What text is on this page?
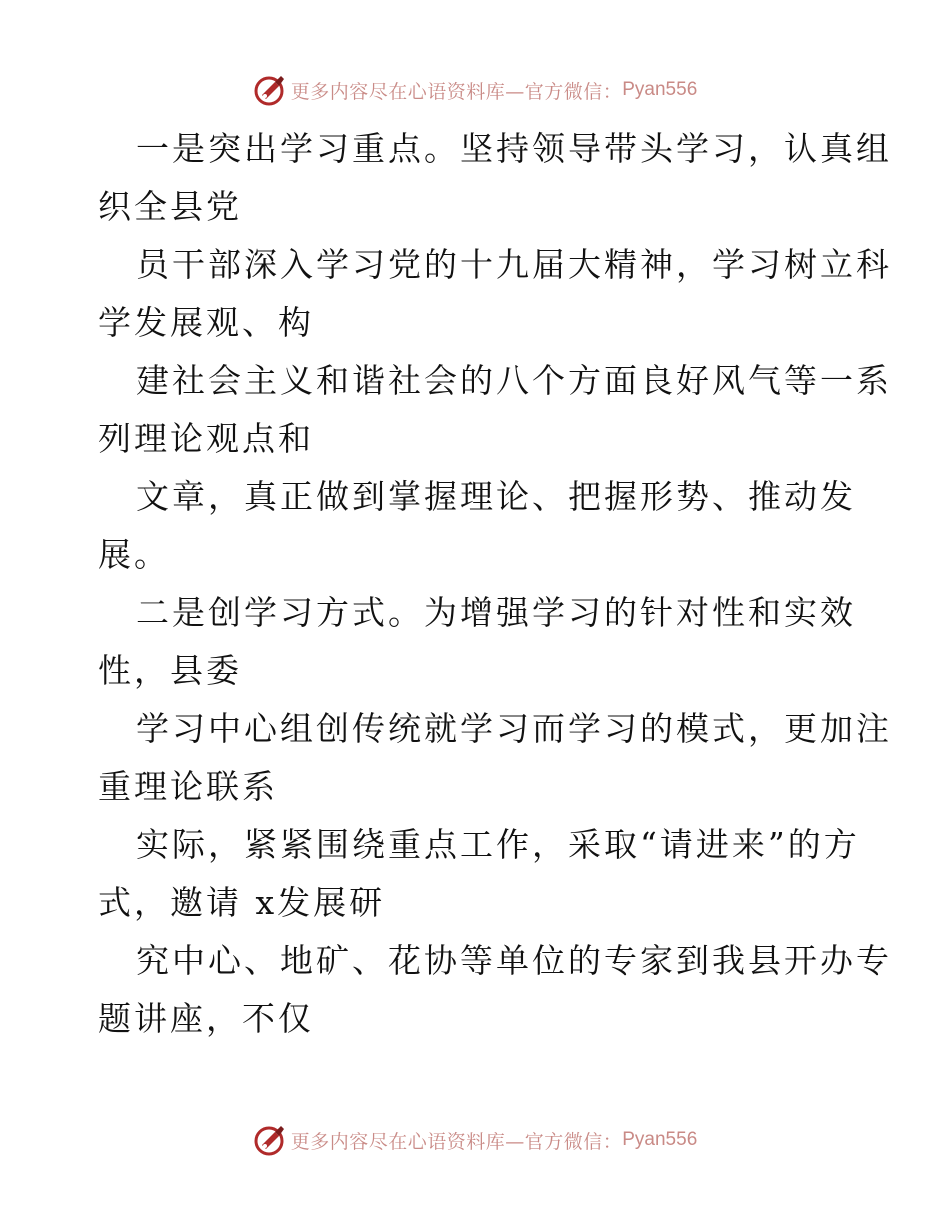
更多内容尽在心语资料库—官方微信： Pyan556
一是突出学习重点。坚持领导带头学习，认真组
织全县党
员干部深入学习党的十九届大精神，学习树立科
学发展观、构
建社会主义和谐社会的八个方面良好风气等一系
列理论观点和
文章，真正做到掌握理论、把握形势、推动发
展。
二是创学习方式。为增强学习的针对性和实效
性，县委
学习中心组创传统就学习而学习的模式，更加注
重理论联系
实际，紧紧围绕重点工作，采取“请进来”的方
式，邀请 x发展研
究中心、地矿、花协等单位的专家到我县开办专
题讲座，不仅
更多内容尽在心语资料库—官方微信： Pyan556
